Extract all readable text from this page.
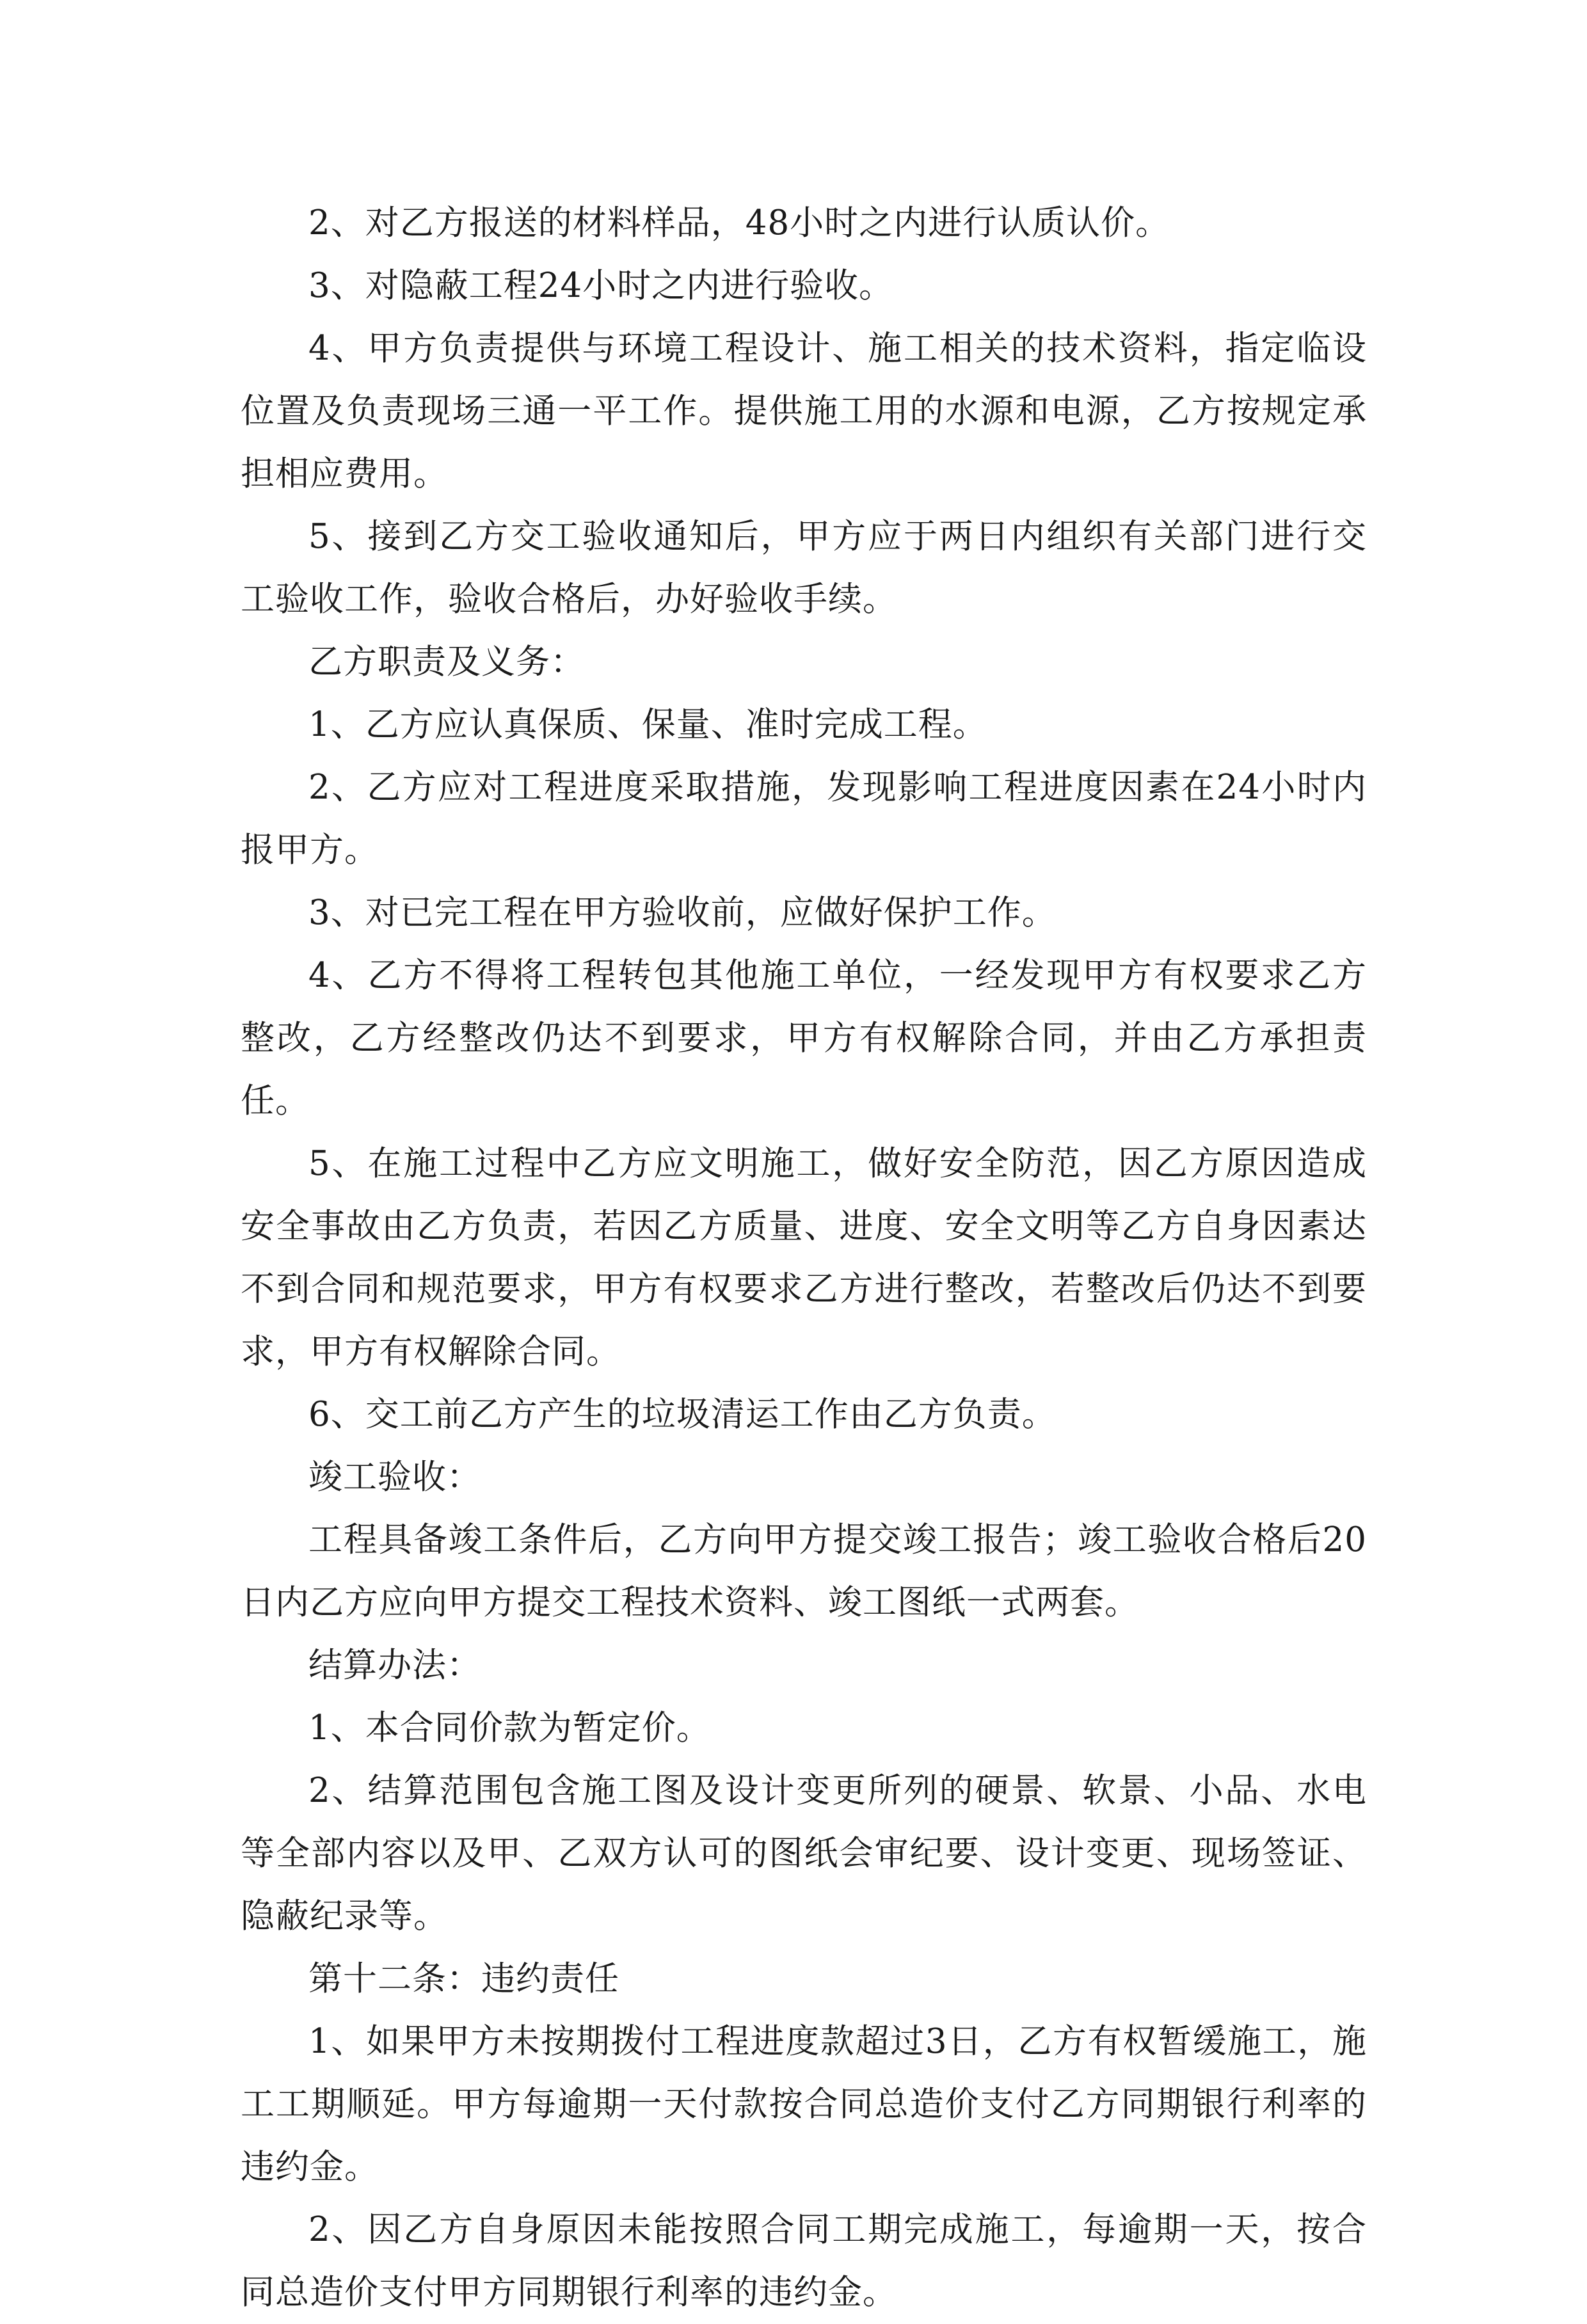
2、对乙方报送的材料样品，48小时之内进行认质认价。

3、对隐蔽工程24小时之内进行验收。

4、甲方负责提供与环境工程设计、施工相关的技术资料，指定临设位置及负责现场三通一平工作。提供施工用的水源和电源，乙方按规定承担相应费用。

5、接到乙方交工验收通知后，甲方应于两日内组织有关部门进行交工验收工作，验收合格后，办好验收手续。

乙方职责及义务：

1、乙方应认真保质、保量、准时完成工程。

2、乙方应对工程进度采取措施，发现影响工程进度因素在24小时内报甲方。

3、对已完工程在甲方验收前，应做好保护工作。

4、乙方不得将工程转包其他施工单位，一经发现甲方有权要求乙方整改，乙方经整改仍达不到要求，甲方有权解除合同，并由乙方承担责任。

5、在施工过程中乙方应文明施工，做好安全防范，因乙方原因造成安全事故由乙方负责，若因乙方质量、进度、安全文明等乙方自身因素达不到合同和规范要求，甲方有权要求乙方进行整改，若整改后仍达不到要求，甲方有权解除合同。

6、交工前乙方产生的垃圾清运工作由乙方负责。

竣工验收：

工程具备竣工条件后，乙方向甲方提交竣工报告；竣工验收合格后20日内乙方应向甲方提交工程技术资料、竣工图纸一式两套。

结算办法：

1、本合同价款为暂定价。

2、结算范围包含施工图及设计变更所列的硬景、软景、小品、水电等全部内容以及甲、乙双方认可的图纸会审纪要、设计变更、现场签证、隐蔽纪录等。

第十二条：违约责任

1、如果甲方未按期拨付工程进度款超过3日，乙方有权暂缓施工，施工工期顺延。甲方每逾期一天付款按合同总造价支付乙方同期银行利率的违约金。

2、因乙方自身原因未能按照合同工期完成施工，每逾期一天，按合同总造价支付甲方同期银行利率的违约金。
